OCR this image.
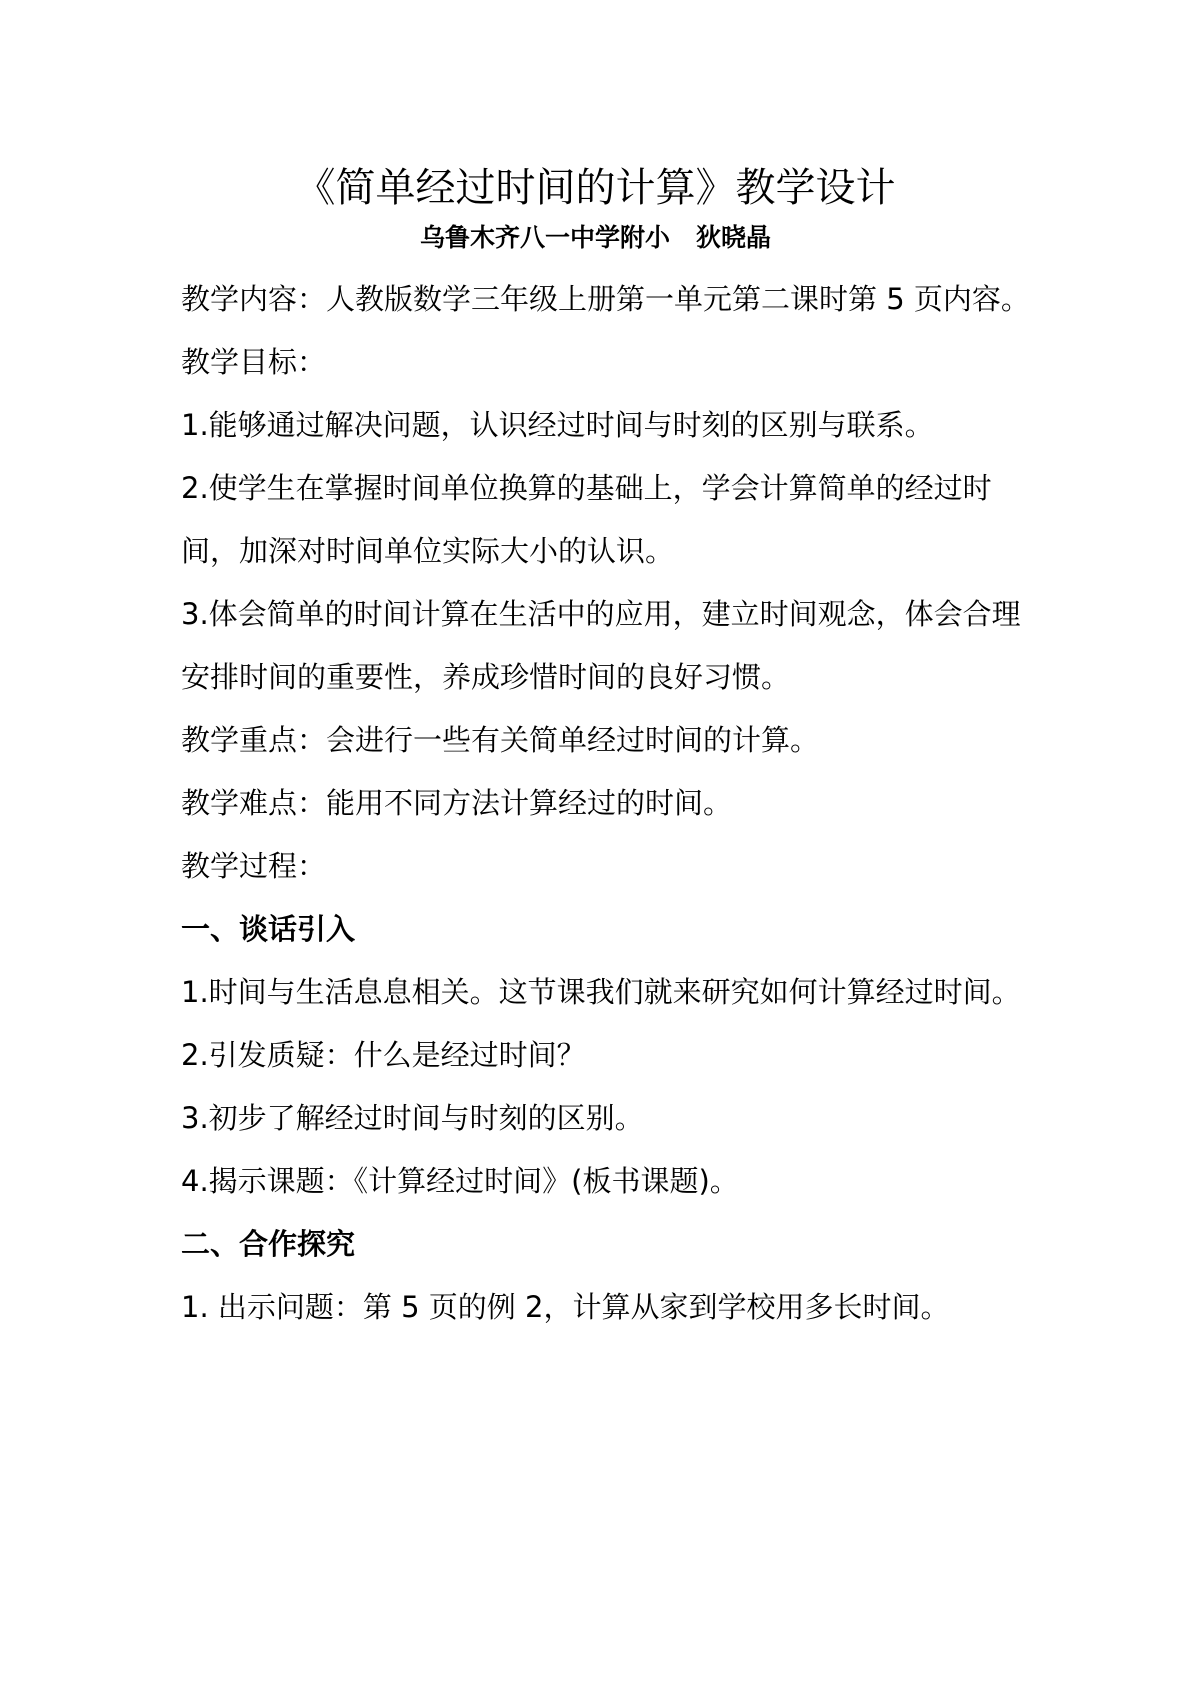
《简单经过时间的计算》教学设计
乌鲁木齐八一中学附小   狄晓晶

教学内容：人教版数学三年级上册第一单元第二课时第 5 页内容。

教学目标：

1.能够通过解决问题，认识经过时间与时刻的区别与联系。

2.使学生在掌握时间单位换算的基础上，学会计算简单的经过时间，加深对时间单位实际大小的认识。

3.体会简单的时间计算在生活中的应用，建立时间观念，体会合理安排时间的重要性，养成珍惜时间的良好习惯。

教学重点：会进行一些有关简单经过时间的计算。

教学难点：能用不同方法计算经过的时间。

教学过程：

一、谈话引入

1.时间与生活息息相关。这节课我们就来研究如何计算经过时间。

2.引发质疑：什么是经过时间？

3.初步了解经过时间与时刻的区别。

4.揭示课题：《计算经过时间》(板书课题)。

二、合作探究

1. 出示问题：第 5 页的例 2，计算从家到学校用多长时间。
